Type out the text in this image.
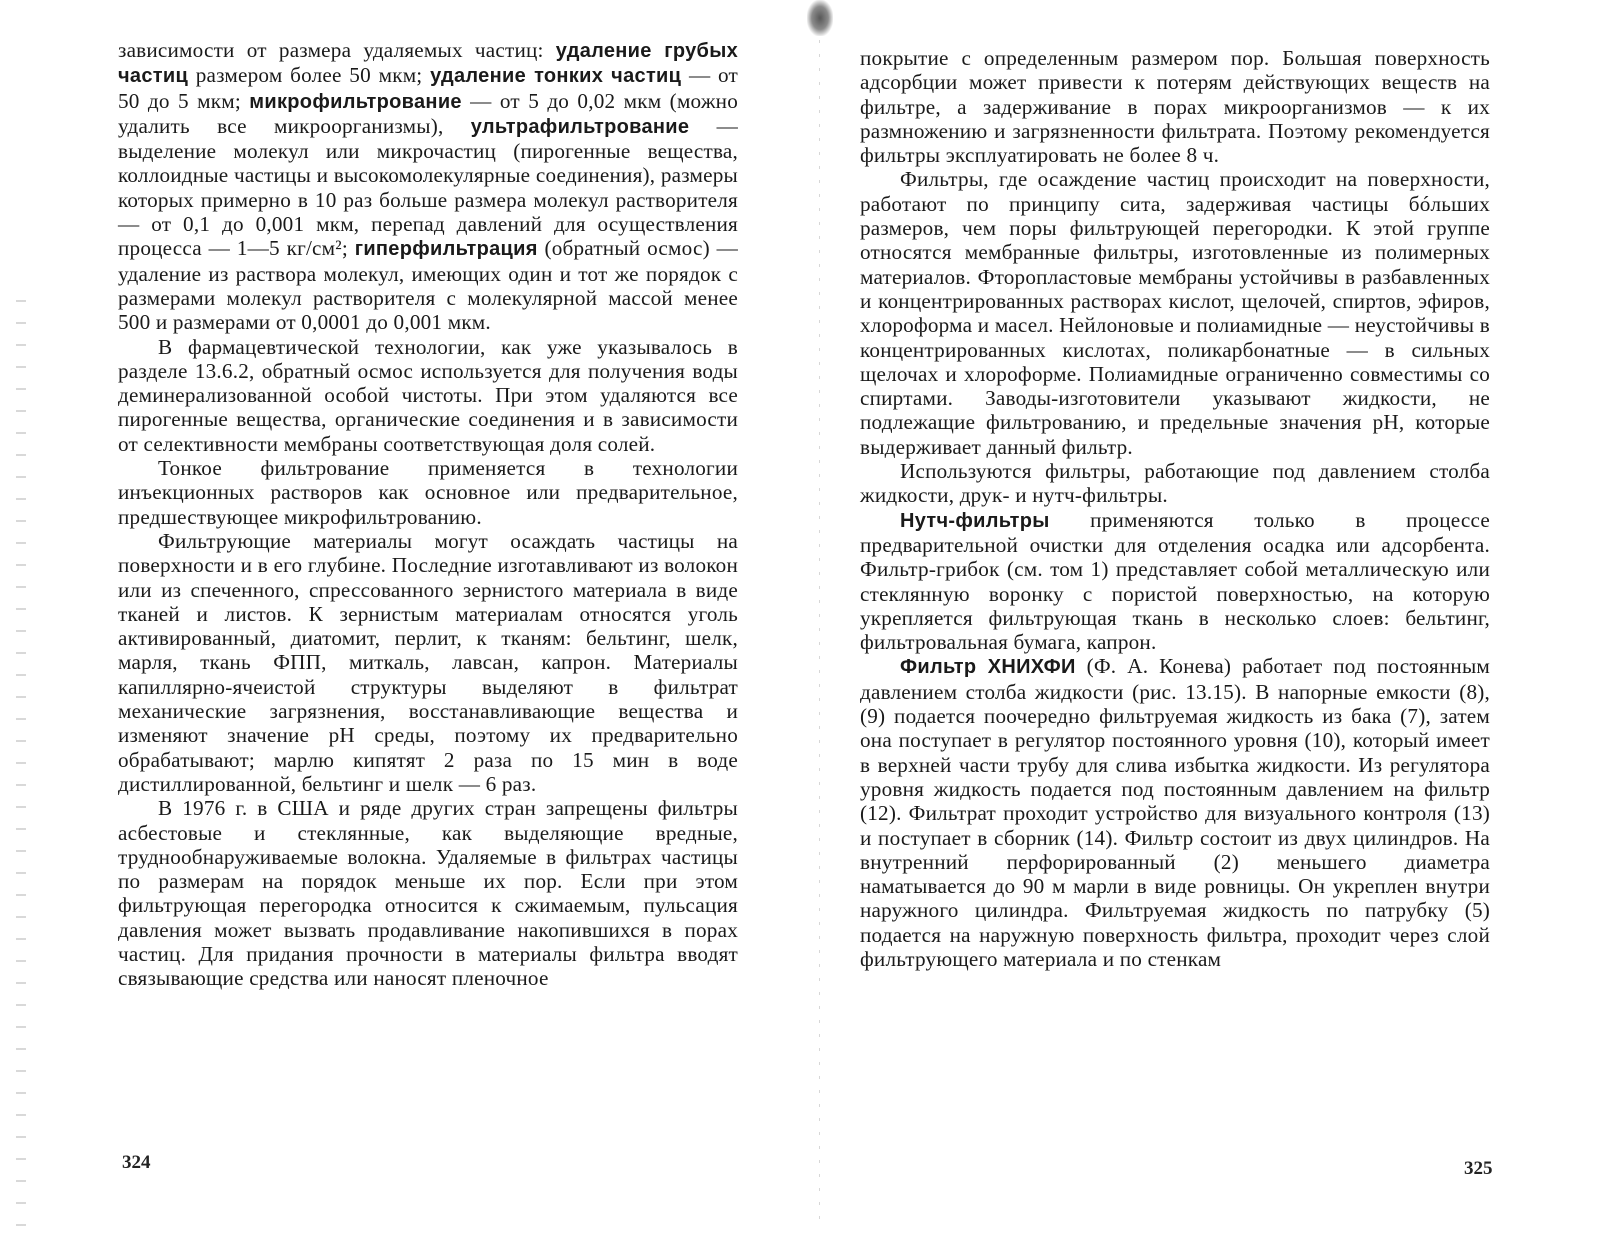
зависимости от размера удаляемых частиц: удаление грубых частиц размером более 50 мкм; удаление тонких частиц — от 50 до 5 мкм; микрофильтрование — от 5 до 0,02 мкм (можно удалить все микроорганизмы), ультрафильтрование — выделение молекул или микрочастиц (пирогенные вещества, коллоидные частицы и высокомолекулярные соединения), размеры которых примерно в 10 раз больше размера молекул растворителя — от 0,1 до 0,001 мкм, перепад давлений для осуществления процесса — 1—5 кг/см²; гиперфильтрация (обратный осмос) — удаление из раствора молекул, имеющих один и тот же порядок с размерами молекул растворителя с молекулярной массой менее 500 и размерами от 0,0001 до 0,001 мкм.

В фармацевтической технологии, как уже указывалось в разделе 13.6.2, обратный осмос используется для получения воды деминерализованной особой чистоты. При этом удаляются все пирогенные вещества, органические соединения и в зависимости от селективности мембраны соответствующая доля солей.

Тонкое фильтрование применяется в технологии инъекционных растворов как основное или предварительное, предшествующее микрофильтрованию.

Фильтрующие материалы могут осаждать частицы на поверхности и в его глубине. Последние изготавливают из волокон или из спеченного, спрессованного зернистого материала в виде тканей и листов. К зернистым материалам относятся уголь активированный, диатомит, перлит, к тканям: бельтинг, шелк, марля, ткань ФПП, миткаль, лавсан, капрон. Материалы капиллярно-ячеистой структуры выделяют в фильтрат механические загрязнения, восстанавливающие вещества и изменяют значение рН среды, поэтому их предварительно обрабатывают; марлю кипятят 2 раза по 15 мин в воде дистиллированной, бельтинг и шелк — 6 раз.

В 1976 г. в США и ряде других стран запрещены фильтры асбестовые и стеклянные, как выделяющие вредные, труднообнаруживаемые волокна. Удаляемые в фильтрах частицы по размерам на порядок меньше их пор. Если при этом фильтрующая перегородка относится к сжимаемым, пульсация давления может вызвать продавливание накопившихся в порах частиц. Для придания прочности в материалы фильтра вводят связывающие средства или наносят пленочное

324

покрытие с определенным размером пор. Большая поверхность адсорбции может привести к потерям действующих веществ на фильтре, а задерживание в порах микроорганизмов — к их размножению и загрязненности фильтрата. Поэтому рекомендуется фильтры эксплуатировать не более 8 ч.

Фильтры, где осаждение частиц происходит на поверхности, работают по принципу сита, задерживая частицы бóльших размеров, чем поры фильтрующей перегородки. К этой группе относятся мембранные фильтры, изготовленные из полимерных материалов. Фторопластовые мембраны устойчивы в разбавленных и концентрированных растворах кислот, щелочей, спиртов, эфиров, хлороформа и масел. Нейлоновые и полиамидные — неустойчивы в концентрированных кислотах, поликарбонатные — в сильных щелочах и хлороформе. Полиамидные ограниченно совместимы со спиртами. Заводы-изготовители указывают жидкости, не подлежащие фильтрованию, и предельные значения рН, которые выдерживает данный фильтр.

Используются фильтры, работающие под давлением столба жидкости, друк- и нутч-фильтры.

Нутч-фильтры применяются только в процессе предварительной очистки для отделения осадка или адсорбента. Фильтр-грибок (см. том 1) представляет собой металлическую или стеклянную воронку с пористой поверхностью, на которую укрепляется фильтрующая ткань в несколько слоев: бельтинг, фильтровальная бумага, капрон.

Фильтр ХНИХФИ (Ф. А. Конева) работает под постоянным давлением столба жидкости (рис. 13.15). В напорные емкости (8), (9) подается поочередно фильтруемая жидкость из бака (7), затем она поступает в регулятор постоянного уровня (10), который имеет в верхней части трубу для слива избытка жидкости. Из регулятора уровня жидкость подается под постоянным давлением на фильтр (12). Фильтрат проходит устройство для визуального контроля (13) и поступает в сборник (14). Фильтр состоит из двух цилиндров. На внутренний перфорированный (2) меньшего диаметра наматывается до 90 м марли в виде ровницы. Он укреплен внутри наружного цилиндра. Фильтруемая жидкость по патрубку (5) подается на наружную поверхность фильтра, проходит через слой фильтрующего материала и по стенкам

325
